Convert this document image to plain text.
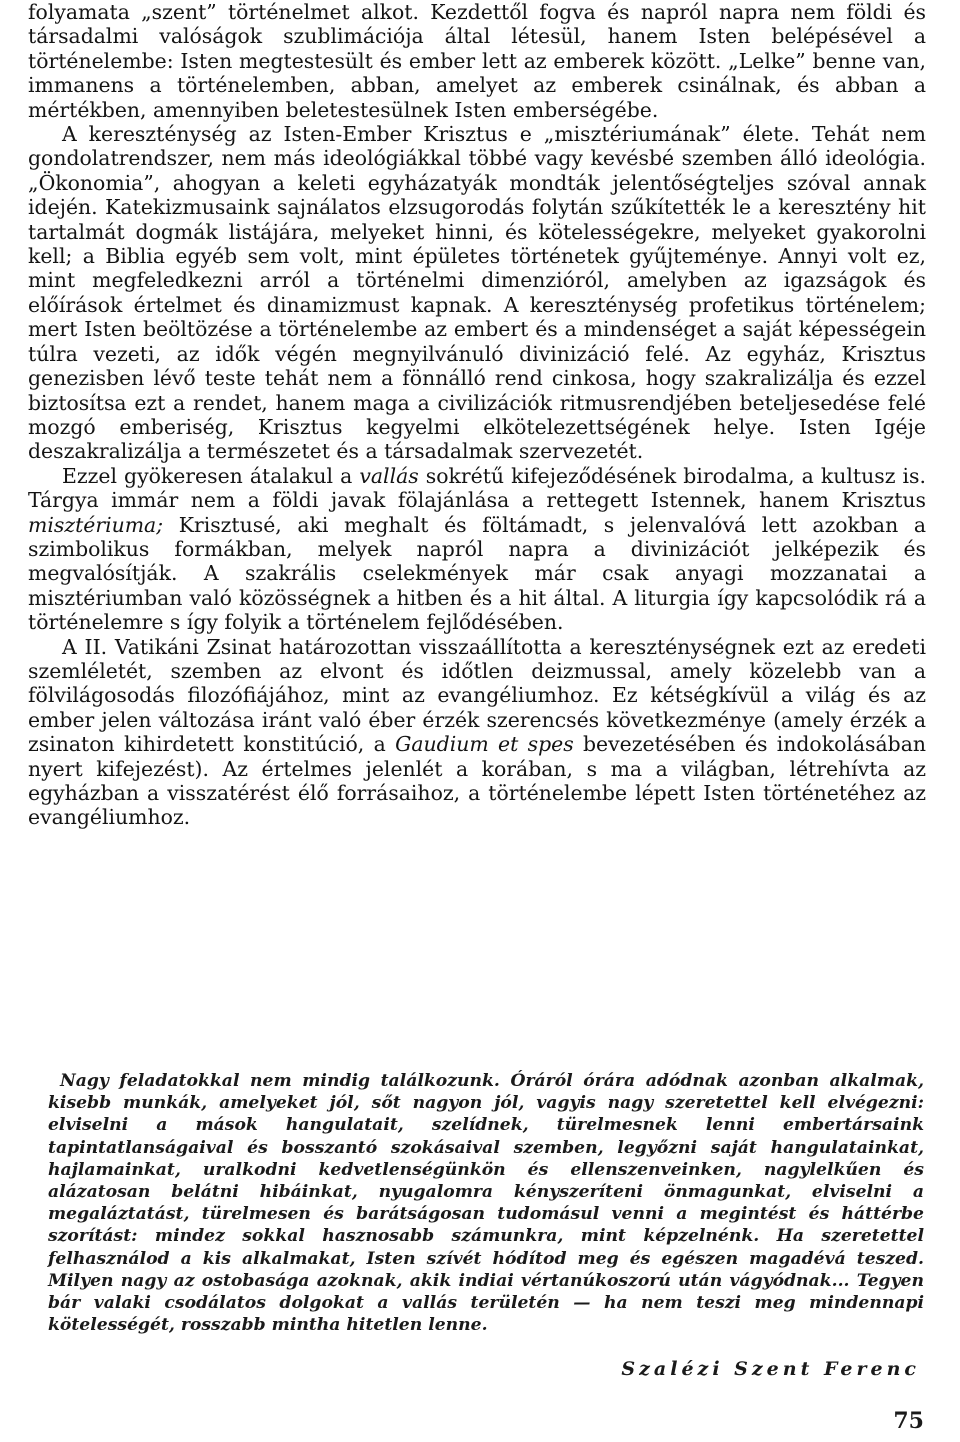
folyamata „szent” történelmet alkot. Kezdettől fogva és napról napra nem földi és társadalmi valóságok szublimációja által létesül, hanem Isten belépésével a történelembe: Isten megtestesült és ember lett az emberek között. „Lelke” benne van, immanens a történelemben, abban, amelyet az emberek csinálnak, és abban a mértékben, amennyiben beletestesülnek Isten emberségébe.

A kereszténység az Isten-Ember Krisztus e „misztériumának” élete. Tehát nem gondolatrendszer, nem más ideológiákkal többé vagy kevésbé szemben álló ideológia. „Ökonomia”, ahogyan a keleti egyházatyák mondták jelentőségteljes szóval annak idején. Katekizmusaink sajnálatos elzsugorodás folytán szűkítették le a keresztény hit tartalmát dogmák listájára, melyeket hinni, és kötelességekre, melyeket gyakorolni kell; a Biblia egyéb sem volt, mint épületes történetek gyűjteménye. Annyi volt ez, mint megfeledkezni arról a történelmi dimenzióról, amelyben az igazságok és előírások értelmet és dinamizmust kapnak. A kereszténység profetikus történelem; mert Isten beöltözése a történelembe az embert és a mindenséget a saját képességein túlra vezeti, az idők végén megnyilvánuló divinizáció felé. Az egyház, Krisztus genezisben lévő teste tehát nem a fönnálló rend cinkosa, hogy szakralizálja és ezzel biztosítsa ezt a rendet, hanem maga a civilizációk ritmusrendjében beteljesedése felé mozgó emberiség, Krisztus kegyelmi elkötelezettségének helye. Isten Igéje deszakralizálja a természetet és a társadalmak szervezetét.

Ezzel gyökeresen átalakul a vallás sokrétű kifejeződésének birodalma, a kultusz is. Tárgya immár nem a földi javak fölajánlása a rettegett Istennek, hanem Krisztus misztériuma; Krisztusé, aki meghalt és föltámadt, s jelenvalóvá lett azokban a szimbolikus formákban, melyek napról napra a divinizációt jelképezik és megvalósítják. A szakrális cselekmények már csak anyagi mozzanatai a misztériumban való közösségnek a hitben és a hit által. A liturgia így kapcsolódik rá a történelemre s így folyik a történelem fejlődésében.

A II. Vatikáni Zsinat határozottan visszaállította a kereszténységnek ezt az eredeti szemléletét, szemben az elvont és időtlen deizmussal, amely közelebb van a fölvilágosodás filozófiájához, mint az evangéliumhoz. Ez kétségkívül a világ és az ember jelen változása iránt való éber érzék szerencsés következménye (amely érzék a zsinaton kihirdetett konstitúció, a Gaudium et spes bevezetésében és indokolásában nyert kifejezést). Az értelmes jelenlét a korában, s ma a világban, létrehívta az egyházban a visszatérést élő forrásaihoz, a történelembe lépett Isten történetéhez az evangéliumhoz.

Nagy feladatokkal nem mindig találkozunk. Óráról órára adódnak azonban alkalmak, kisebb munkák, amelyeket jól, sőt nagyon jól, vagyis nagy szeretettel kell elvégezni: elviselni a mások hangulatait, szelídnek, türelmesnek lenni embertársaink tapintatlanságaival és bosszantó szokásaival szemben, legyőzni saját hangulatainkat, hajlamainkat, uralkodni kedvetlenségünkön és ellenszenveinken, nagylelkűen és alázatosan belátni hibáinkat, nyugalomra kényszeríteni önmagunkat, elviselni a megaláztatást, türelmesen és barátságosan tudomásul venni a megintést és háttérbe szorítást: mindez sokkal hasznosabb számunkra, mint képzelnénk. Ha szeretettel felhasználod a kis alkalmakat, Isten szívét hódítod meg és egészen magadévá teszed. Milyen nagy az ostobasága azoknak, akik indiai vértanúkoszorú után vágyódnak... Tegyen bár valaki csodálatos dolgokat a vallás területén — ha nem teszi meg mindennapi kötelességét, rosszabb mintha hitetlen lenne.

Szalézi Szent Ferenc
75
